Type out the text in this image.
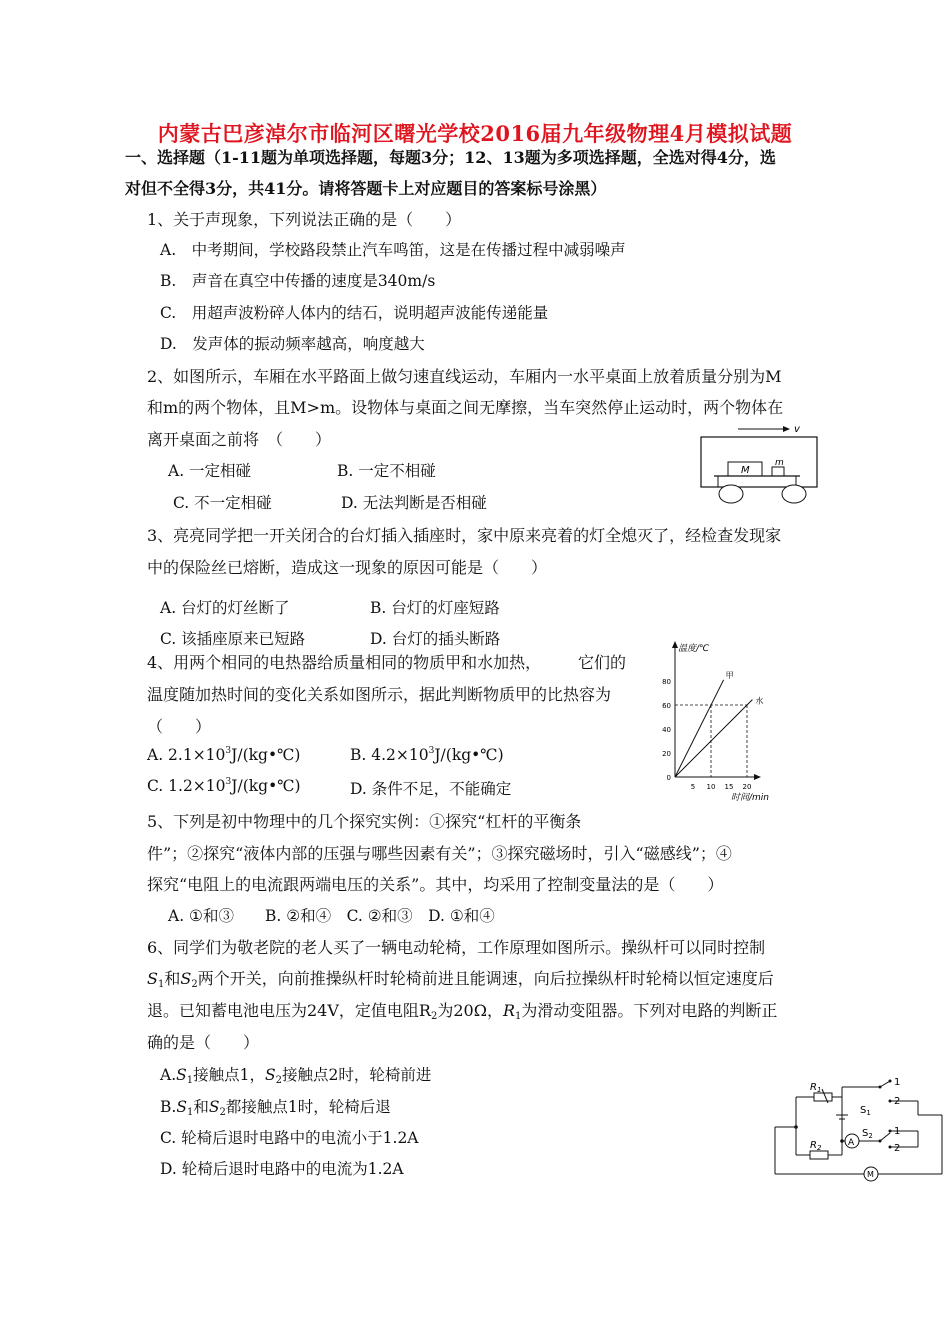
内蒙古巴彦淖尔市临河区曙光学校2016届九年级物理4月模拟试题
一、选择题（1-11题为单项选择题，每题3分；12、13题为多项选择题，全选对得4分，选
对但不全得3分，共41分。请将答题卡上对应题目的答案标号涂黑）
1、关于声现象，下列说法正确的是（　　）
A.　中考期间，学校路段禁止汽车鸣笛，这是在传播过程中减弱噪声
B.　声音在真空中传播的速度是340m/s
C.　用超声波粉碎人体内的结石，说明超声波能传递能量
D.　发声体的振动频率越高，响度越大
2、如图所示，车厢在水平路面上做匀速直线运动，车厢内一水平桌面上放着质量分别为M
和m的两个物体，且M>m。设物体与桌面之间无摩擦，当车突然停止运动时，两个物体在
离开桌面之前将　（　　）
A. 一定相碰	B. 一定不相碰
C. 不一定相碰	D. 无法判断是否相碰
v
M
m
3、亮亮同学把一开关闭合的台灯插入插座时，家中原来亮着的灯全熄灭了，经检查发现家
中的保险丝已熔断，造成这一现象的原因可能是（　　）
A. 台灯的灯丝断了	B. 台灯的灯座短路
C. 该插座原来已短路	D. 台灯的插头断路
4、用两个相同的电热器给质量相同的物质甲和水加热， 它们的
温度随加热时间的变化关系如图所示，据此判断物质甲的比热容为
（　　）
A. $2.1\times 10^3J/(kg•℃)$	B. $4.2\times 10^3J/(kg•℃)$
C. $1.2\times 10^3J/(kg•℃)$	D. 条件不足，不能确定
温度/℃
时间/min
0
20
40
60
80
5 10 15 20
甲
水
5、下列是初中物理中的几个探究实例：①探究“杠杆的平衡条
件”；②探究“液体内部的压强与哪些因素有关”；③探究磁场时，引入“磁感线”；④
探究“电阻上的电流跟两端电压的关系”。其中，均采用了控制变量法的是（　　）
A. ①和③　　B. ②和④　C. ②和③　D. ①和④
6、同学们为敬老院的老人买了一辆电动轮椅，工作原理如图所示。操纵杆可以同时控制
$S_1$和$S_2$两个开关，向前推操纵杆时轮椅前进且能调速，向后拉操纵杆时轮椅以恒定速度后
退。已知蓄电池电压为24V，定值电阻$R_2$为20Ω，$R_1$为滑动变阻器。下列对电路的判断正
确的是（　　）
$A.S_1$接触点1，$S_2$接触点2时，轮椅前进
$B.S_1$和$S_2$都接触点1时，轮椅后退
C. 轮椅后退时电路中的电流小于1.2A
D. 轮椅后退时电路中的电流为1.2A
$R_1$
$R_2$
$S_1$
$S_2$
A
M
1
2
1
2
